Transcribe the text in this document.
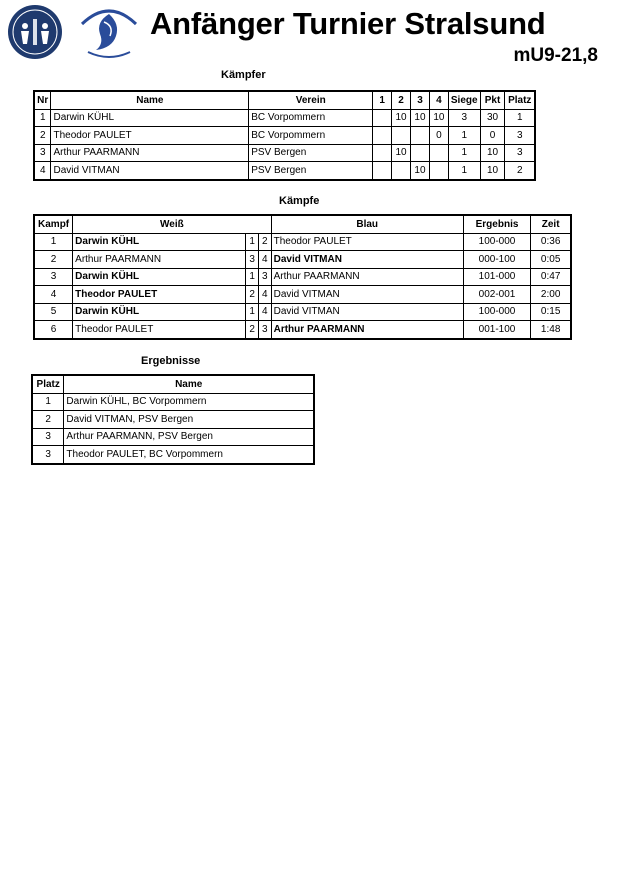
Anfänger Turnier Stralsund
mU9-21,8
Kämpfer
Nr	Name	Verein	1	2	3	4	Siege	Pkt	Platz
1	Darwin KÜHL	BC Vorpommern		10	10	10	3	30	1
2	Theodor PAULET	BC Vorpommern				0	1	0	3
3	Arthur PAARMANN	PSV Bergen		10			1	10	3
4	David VITMAN	PSV Bergen			10		1	10	2
Kämpfe
Kampf	Weiß			Blau	Ergebnis	Zeit
1	Darwin KÜHL	1	2	Theodor PAULET	100-000	0:36
2	Arthur PAARMANN	3	4	David VITMAN	000-100	0:05
3	Darwin KÜHL	1	3	Arthur PAARMANN	101-000	0:47
4	Theodor PAULET	2	4	David VITMAN	002-001	2:00
5	Darwin KÜHL	1	4	David VITMAN	100-000	0:15
6	Theodor PAULET	2	3	Arthur PAARMANN	001-100	1:48
Ergebnisse
Platz	Name
1	Darwin KÜHL, BC Vorpommern
2	David VITMAN, PSV Bergen
3	Arthur PAARMANN, PSV Bergen
3	Theodor PAULET, BC Vorpommern
